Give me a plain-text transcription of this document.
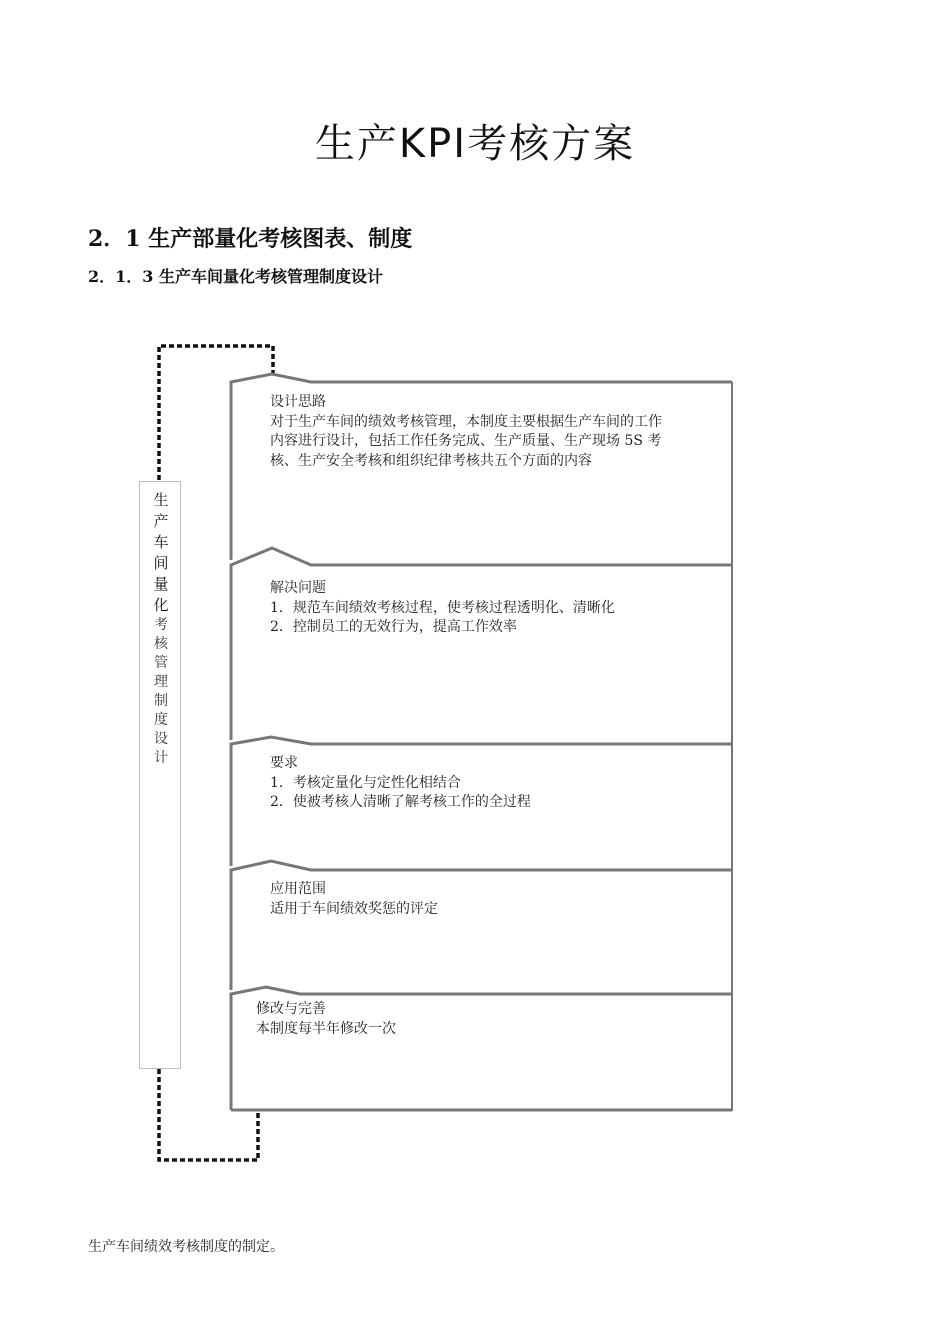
生产KPI考核方案
2．1 生产部量化考核图表、制度
2．1．3 生产车间量化考核管理制度设计
生
产
车
间
量
化
考
核
管
理
制
度
设
计
设计思路
对于生产车间的绩效考核管理，本制度主要根据生产车间的工作
内容进行设计，包括工作任务完成、生产质量、生产现场 5S 考
核、生产安全考核和组织纪律考核共五个方面的内容
解决问题
1．规范车间绩效考核过程，使考核过程透明化、清晰化
2．控制员工的无效行为，提高工作效率
要求
1．考核定量化与定性化相结合
2．使被考核人清晰了解考核工作的全过程
应用范围
适用于车间绩效奖惩的评定
修改与完善
本制度每半年修改一次
生产车间绩效考核制度的制定。
